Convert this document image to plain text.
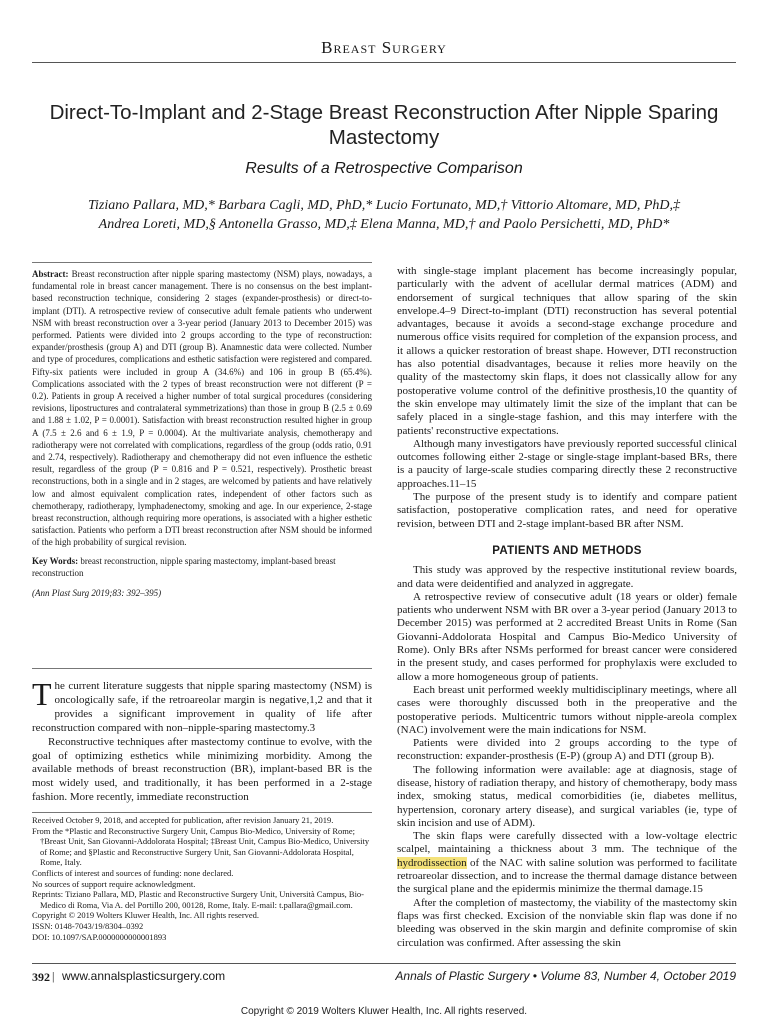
Breast Surgery
Direct-To-Implant and 2-Stage Breast Reconstruction After Nipple Sparing Mastectomy
Results of a Retrospective Comparison
Tiziano Pallara, MD,* Barbara Cagli, MD, PhD,* Lucio Fortunato, MD,† Vittorio Altomare, MD, PhD,‡
Andrea Loreti, MD,§ Antonella Grasso, MD,‡ Elena Manna, MD,† and Paolo Persichetti, MD, PhD*

Abstract: Breast reconstruction after nipple sparing mastectomy (NSM) plays, nowadays, a fundamental role in breast cancer management. There is no consensus on the best implant-based reconstruction technique, considering 2 stages (expander-prosthesis) or direct-to-implant (DTI). A retrospective review of consecutive adult female patients who underwent NSM with breast reconstruction over a 3-year period (January 2013 to December 2015) was performed. Patients were divided into 2 groups according to the type of reconstruction: expander/prosthesis (group A) and DTI (group B). Anamnestic data were collected. Number and type of procedures, complications and esthetic satisfaction were registered and compared. Fifty-six patients were included in group A (34.6%) and 106 in group B (65.4%). Complications associated with the 2 types of breast reconstruction were not different (P = 0.2). Patients in group A received a higher number of total surgical procedures (considering revisions, lipostructures and contralateral symmetrizations) than those in group B (2.5 ± 0.69 and 1.88 ± 1.02, P = 0.0001). Satisfaction with breast reconstruction resulted higher in group A (7.5 ± 2.6 and 6 ± 1.9, P = 0.0004). At the multivariate analysis, chemotherapy and radiotherapy were not correlated with complications, regardless of the group (odds ratio, 0.91 and 2.74, respectively). Radiotherapy and chemotherapy did not even influence the esthetic result, regardless of the group (P = 0.816 and P = 0.521, respectively). Prosthetic breast reconstructions, both in a single and in 2 stages, are welcomed by patients and have relatively low and almost equivalent complication rates, independent of other factors such as chemotherapy, radiotherapy, lymphadenectomy, smoking and age. In our experience, 2-stage breast reconstruction, although requiring more operations, is associated with a higher esthetic satisfaction. Patients who perform a DTI breast reconstruction after NSM should be informed of the high probability of surgical revision.

Key Words: breast reconstruction, nipple sparing mastectomy, implant-based breast reconstruction

(Ann Plast Surg 2019;83: 392–395)

The current literature suggests that nipple sparing mastectomy (NSM) is oncologically safe, if the retroareolar margin is negative,1,2 and that it provides a significant improvement in quality of life after reconstruction compared with non–nipple-sparing mastectomy.3

Reconstructive techniques after mastectomy continue to evolve, with the goal of optimizing esthetics while minimizing morbidity. Among the available methods of breast reconstruction (BR), implant-based BR is the most widely used, and traditionally, it has been performed in a 2-stage fashion. More recently, immediate reconstruction

Received October 9, 2018, and accepted for publication, after revision January 21, 2019.
From the *Plastic and Reconstructive Surgery Unit, Campus Bio-Medico, University of Rome; †Breast Unit, San Giovanni-Addolorata Hospital; ‡Breast Unit, Campus Bio-Medico, University of Rome; and §Plastic and Reconstructive Surgery Unit, San Giovanni-Addolorata Hospital, Rome, Italy.
Conflicts of interest and sources of funding: none declared.
No sources of support require acknowledgment.
Reprints: Tiziano Pallara, MD, Plastic and Reconstructive Surgery Unit, Università Campus, Bio-Medico di Roma, Via A. del Portillo 200, 00128, Rome, Italy. E-mail: t.pallara@gmail.com.
Copyright © 2019 Wolters Kluwer Health, Inc. All rights reserved.
ISSN: 0148-7043/19/8304–0392
DOI: 10.1097/SAP.0000000000001893

with single-stage implant placement has become increasingly popular, particularly with the advent of acellular dermal matrices (ADM) and endorsement of surgical techniques that allow sparing of the skin envelope.4–9 Direct-to-implant (DTI) reconstruction has several potential advantages, because it avoids a second-stage exchange procedure and numerous office visits required for completion of the expansion process, and it allows a quicker restoration of breast shape. However, DTI reconstruction has also potential disadvantages, because it relies more heavily on the quality of the mastectomy skin flaps, it does not classically allow for any postoperative volume control of the definitive prosthesis,10 the quantity of the skin envelope may ultimately limit the size of the implant that can be safely placed in a single-stage fashion, and this may interfere with the patients' reconstructive expectations.

Although many investigators have previously reported successful clinical outcomes following either 2-stage or single-stage implant-based BRs, there is a paucity of large-scale studies comparing directly these 2 reconstructive approaches.11–15

The purpose of the present study is to identify and compare patient satisfaction, postoperative complication rates, and need for operative revision, between DTI and 2-stage implant-based BR after NSM.

PATIENTS AND METHODS

This study was approved by the respective institutional review boards, and data were deidentified and analyzed in aggregate.

A retrospective review of consecutive adult (18 years or older) female patients who underwent NSM with BR over a 3-year period (January 2013 to December 2015) was performed at 2 accredited Breast Units in Rome (San Giovanni-Addolorata Hospital and Campus Bio-Medico University of Rome). Only BRs after NSMs performed for breast cancer were considered in the present study, and cases performed for prophylaxis were excluded to allow a more homogeneous group of patients.

Each breast unit performed weekly multidisciplinary meetings, where all cases were thoroughly discussed both in the preoperative and the postoperative periods. Multicentric tumors without nipple-areola complex (NAC) involvement were the main indications for NSM.

Patients were divided into 2 groups according to the type of reconstruction: expander-prosthesis (E-P) (group A) and DTI (group B).

The following information were available: age at diagnosis, stage of disease, history of radiation therapy, and history of chemotherapy, body mass index, smoking status, medical comorbidities (ie, diabetes mellitus, hypertension, coronary artery disease), and surgical variables (ie, type of skin incision and use of ADM).

The skin flaps were carefully dissected with a low-voltage electric scalpel, maintaining a thickness about 3 mm. The technique of the hydrodissection of the NAC with saline solution was performed to facilitate retroareolar dissection, and to increase the thermal damage distance between the surgical plane and the epidermis minimize the thermal damage.15

After the completion of mastectomy, the viability of the mastectomy skin flaps was first checked. Excision of the nonviable skin flap was done if no bleeding was observed in the skin margin and definite compromise of skin circulation was confirmed. After assessing the skin

392 | www.annalsplasticsurgery.com	Annals of Plastic Surgery • Volume 83, Number 4, October 2019
Copyright © 2019 Wolters Kluwer Health, Inc. All rights reserved.
